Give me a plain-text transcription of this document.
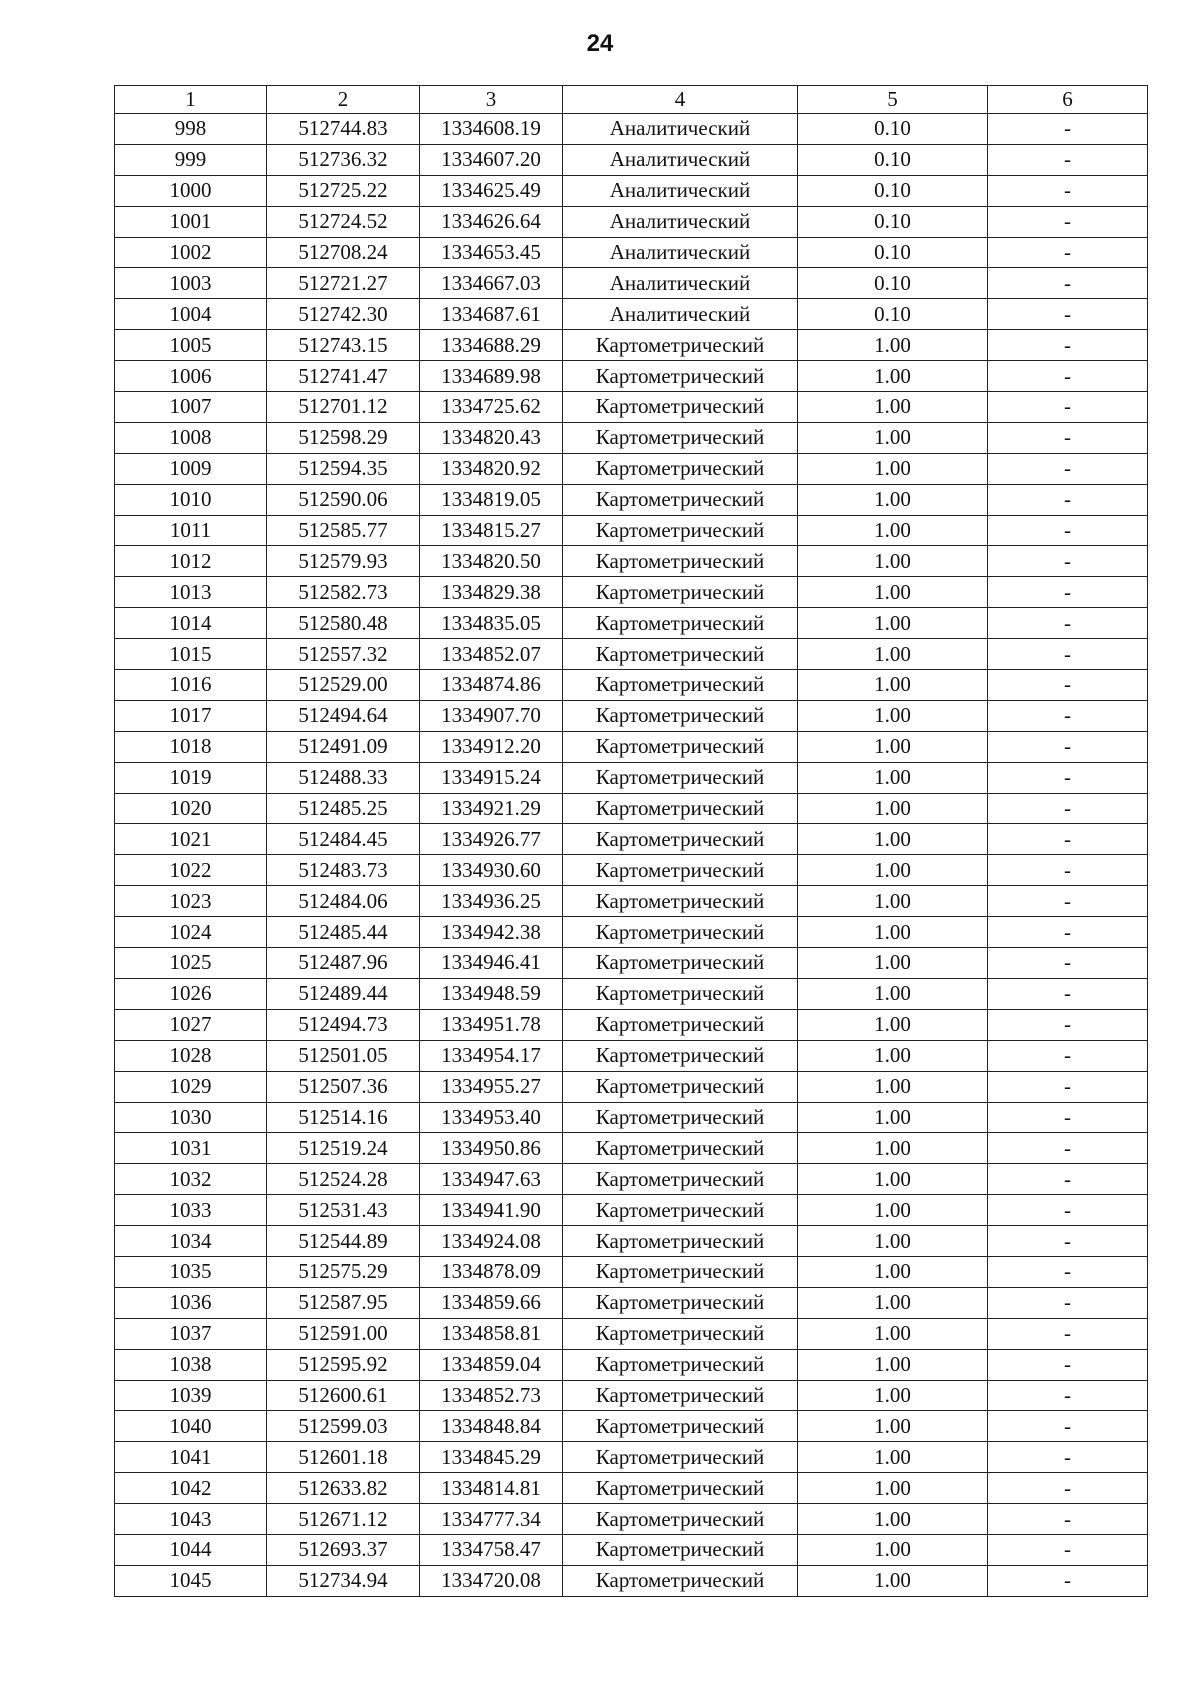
24
1	2	3	4	5	6
998	512744.83	1334608.19	Аналитический	0.10	-
999	512736.32	1334607.20	Аналитический	0.10	-
1000	512725.22	1334625.49	Аналитический	0.10	-
1001	512724.52	1334626.64	Аналитический	0.10	-
1002	512708.24	1334653.45	Аналитический	0.10	-
1003	512721.27	1334667.03	Аналитический	0.10	-
1004	512742.30	1334687.61	Аналитический	0.10	-
1005	512743.15	1334688.29	Картометрический	1.00	-
1006	512741.47	1334689.98	Картометрический	1.00	-
1007	512701.12	1334725.62	Картометрический	1.00	-
1008	512598.29	1334820.43	Картометрический	1.00	-
1009	512594.35	1334820.92	Картометрический	1.00	-
1010	512590.06	1334819.05	Картометрический	1.00	-
1011	512585.77	1334815.27	Картометрический	1.00	-
1012	512579.93	1334820.50	Картометрический	1.00	-
1013	512582.73	1334829.38	Картометрический	1.00	-
1014	512580.48	1334835.05	Картометрический	1.00	-
1015	512557.32	1334852.07	Картометрический	1.00	-
1016	512529.00	1334874.86	Картометрический	1.00	-
1017	512494.64	1334907.70	Картометрический	1.00	-
1018	512491.09	1334912.20	Картометрический	1.00	-
1019	512488.33	1334915.24	Картометрический	1.00	-
1020	512485.25	1334921.29	Картометрический	1.00	-
1021	512484.45	1334926.77	Картометрический	1.00	-
1022	512483.73	1334930.60	Картометрический	1.00	-
1023	512484.06	1334936.25	Картометрический	1.00	-
1024	512485.44	1334942.38	Картометрический	1.00	-
1025	512487.96	1334946.41	Картометрический	1.00	-
1026	512489.44	1334948.59	Картометрический	1.00	-
1027	512494.73	1334951.78	Картометрический	1.00	-
1028	512501.05	1334954.17	Картометрический	1.00	-
1029	512507.36	1334955.27	Картометрический	1.00	-
1030	512514.16	1334953.40	Картометрический	1.00	-
1031	512519.24	1334950.86	Картометрический	1.00	-
1032	512524.28	1334947.63	Картометрический	1.00	-
1033	512531.43	1334941.90	Картометрический	1.00	-
1034	512544.89	1334924.08	Картометрический	1.00	-
1035	512575.29	1334878.09	Картометрический	1.00	-
1036	512587.95	1334859.66	Картометрический	1.00	-
1037	512591.00	1334858.81	Картометрический	1.00	-
1038	512595.92	1334859.04	Картометрический	1.00	-
1039	512600.61	1334852.73	Картометрический	1.00	-
1040	512599.03	1334848.84	Картометрический	1.00	-
1041	512601.18	1334845.29	Картометрический	1.00	-
1042	512633.82	1334814.81	Картометрический	1.00	-
1043	512671.12	1334777.34	Картометрический	1.00	-
1044	512693.37	1334758.47	Картометрический	1.00	-
1045	512734.94	1334720.08	Картометрический	1.00	-
